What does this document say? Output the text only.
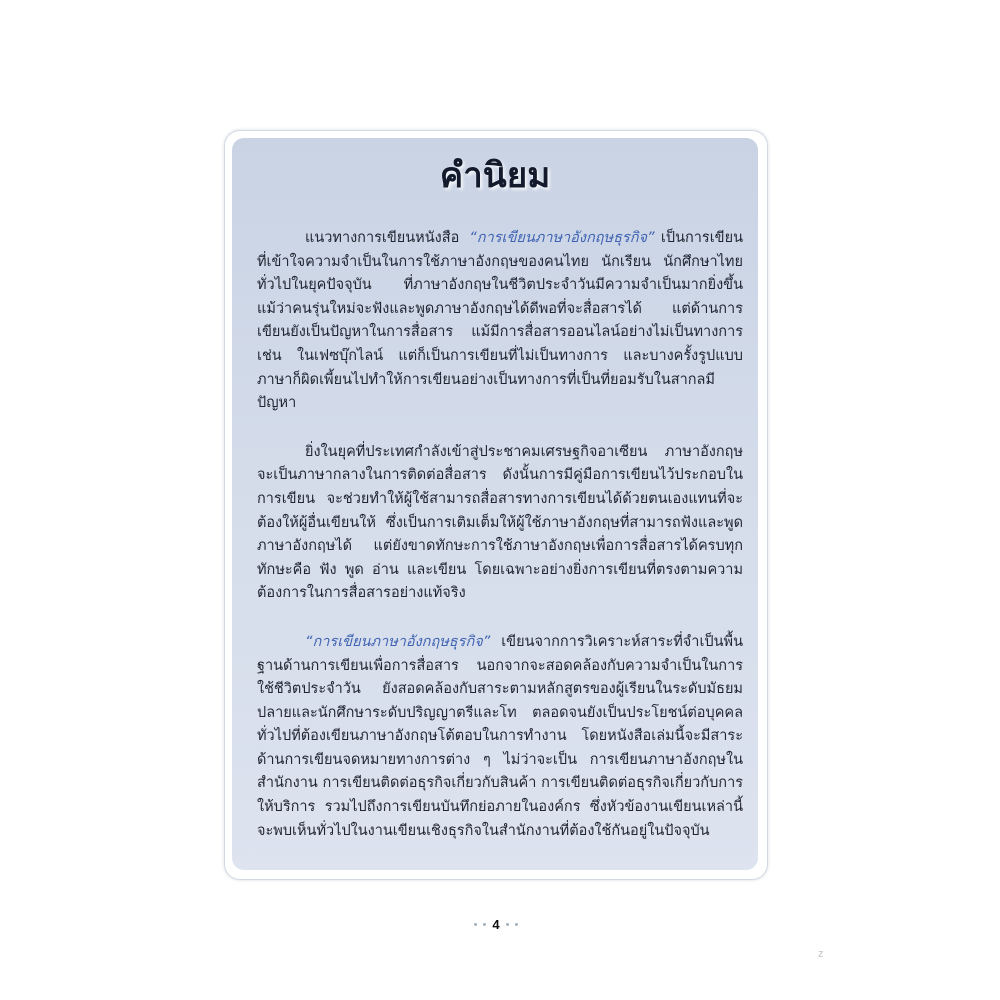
คำนิยม

แนวทางการเขียนหนังสือ “การเขียนภาษาอังกฤษธุรกิจ” เป็นการเขียนที่เข้าใจความจำเป็นในการใช้ภาษาอังกฤษของคนไทย นักเรียน นักศึกษาไทยทั่วไปในยุคปัจจุบัน ที่ภาษาอังกฤษในชีวิตประจำวันมีความจำเป็นมากยิ่งขึ้น แม้ว่าคนรุ่นใหม่จะฟังและพูดภาษาอังกฤษได้ดีพอที่จะสื่อสารได้ แต่ด้านการเขียนยังเป็นปัญหาในการสื่อสาร แม้มีการสื่อสารออนไลน์อย่างไม่เป็นทางการ เช่น ในเฟซบุ๊กไลน์ แต่ก็เป็นการเขียนที่ไม่เป็นทางการ และบางครั้งรูปแบบภาษาก็ผิดเพี้ยนไปทำให้การเขียนอย่างเป็นทางการที่เป็นที่ยอมรับในสากลมีปัญหา

ยิ่งในยุคที่ประเทศกำลังเข้าสู่ประชาคมเศรษฐกิจอาเซียน ภาษาอังกฤษจะเป็นภาษากลางในการติดต่อสื่อสาร ดังนั้นการมีคู่มือการเขียนไว้ประกอบในการเขียน จะช่วยทำให้ผู้ใช้สามารถสื่อสารทางการเขียนได้ด้วยตนเองแทนที่จะต้องให้ผู้อื่นเขียนให้ ซึ่งเป็นการเติมเต็มให้ผู้ใช้ภาษาอังกฤษที่สามารถฟังและพูดภาษาอังกฤษได้ แต่ยังขาดทักษะการใช้ภาษาอังกฤษเพื่อการสื่อสารได้ครบทุกทักษะคือ ฟัง พูด อ่าน และเขียน โดยเฉพาะอย่างยิ่งการเขียนที่ตรงตามความต้องการในการสื่อสารอย่างแท้จริง

“การเขียนภาษาอังกฤษธุรกิจ” เขียนจากการวิเคราะห์สาระที่จำเป็นพื้นฐานด้านการเขียนเพื่อการสื่อสาร นอกจากจะสอดคล้องกับความจำเป็นในการใช้ชีวิตประจำวัน ยังสอดคล้องกับสาระตามหลักสูตรของผู้เรียนในระดับมัธยมปลายและนักศึกษาระดับปริญญาตรีและโท ตลอดจนยังเป็นประโยชน์ต่อบุคคลทั่วไปที่ต้องเขียนภาษาอังกฤษโต้ตอบในการทำงาน โดยหนังสือเล่มนี้จะมีสาระด้านการเขียนจดหมายทางการต่าง ๆ ไม่ว่าจะเป็น การเขียนภาษาอังกฤษในสำนักงาน การเขียนติดต่อธุรกิจเกี่ยวกับสินค้า การเขียนติดต่อธุรกิจเกี่ยวกับการให้บริการ รวมไปถึงการเขียนบันทึกย่อภายในองค์กร ซึ่งหัวข้องานเขียนเหล่านี้จะพบเห็นทั่วไปในงานเขียนเชิงธุรกิจในสำนักงานที่ต้องใช้กันอยู่ในปัจจุบัน

4
z
